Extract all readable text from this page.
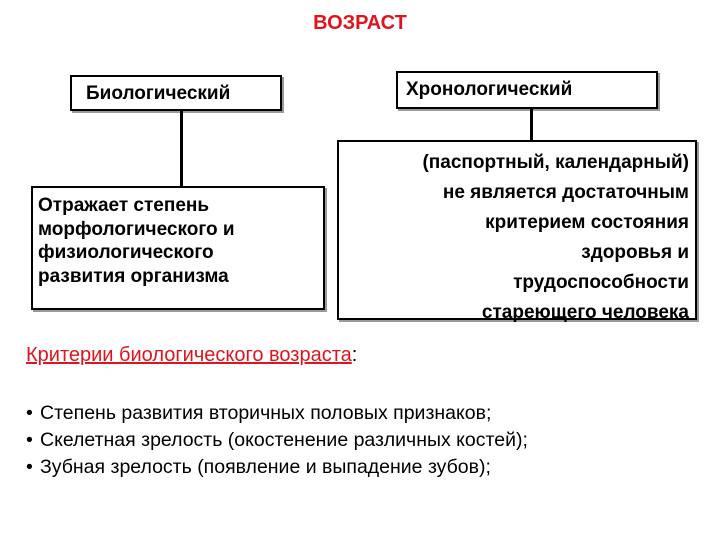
ВОЗРАСТ
Биологический	Хронологический
Отражает степень
морфологического и
физиологического
развития организма
(паспортный, календарный)
не является достаточным
критерием состояния
здоровья и
трудоспособности
стареющего человека
Критерии биологического возраста:
• Степень развития вторичных половых признаков;
• Скелетная зрелость (окостенение различных костей);
• Зубная зрелость (появление и выпадение зубов);
